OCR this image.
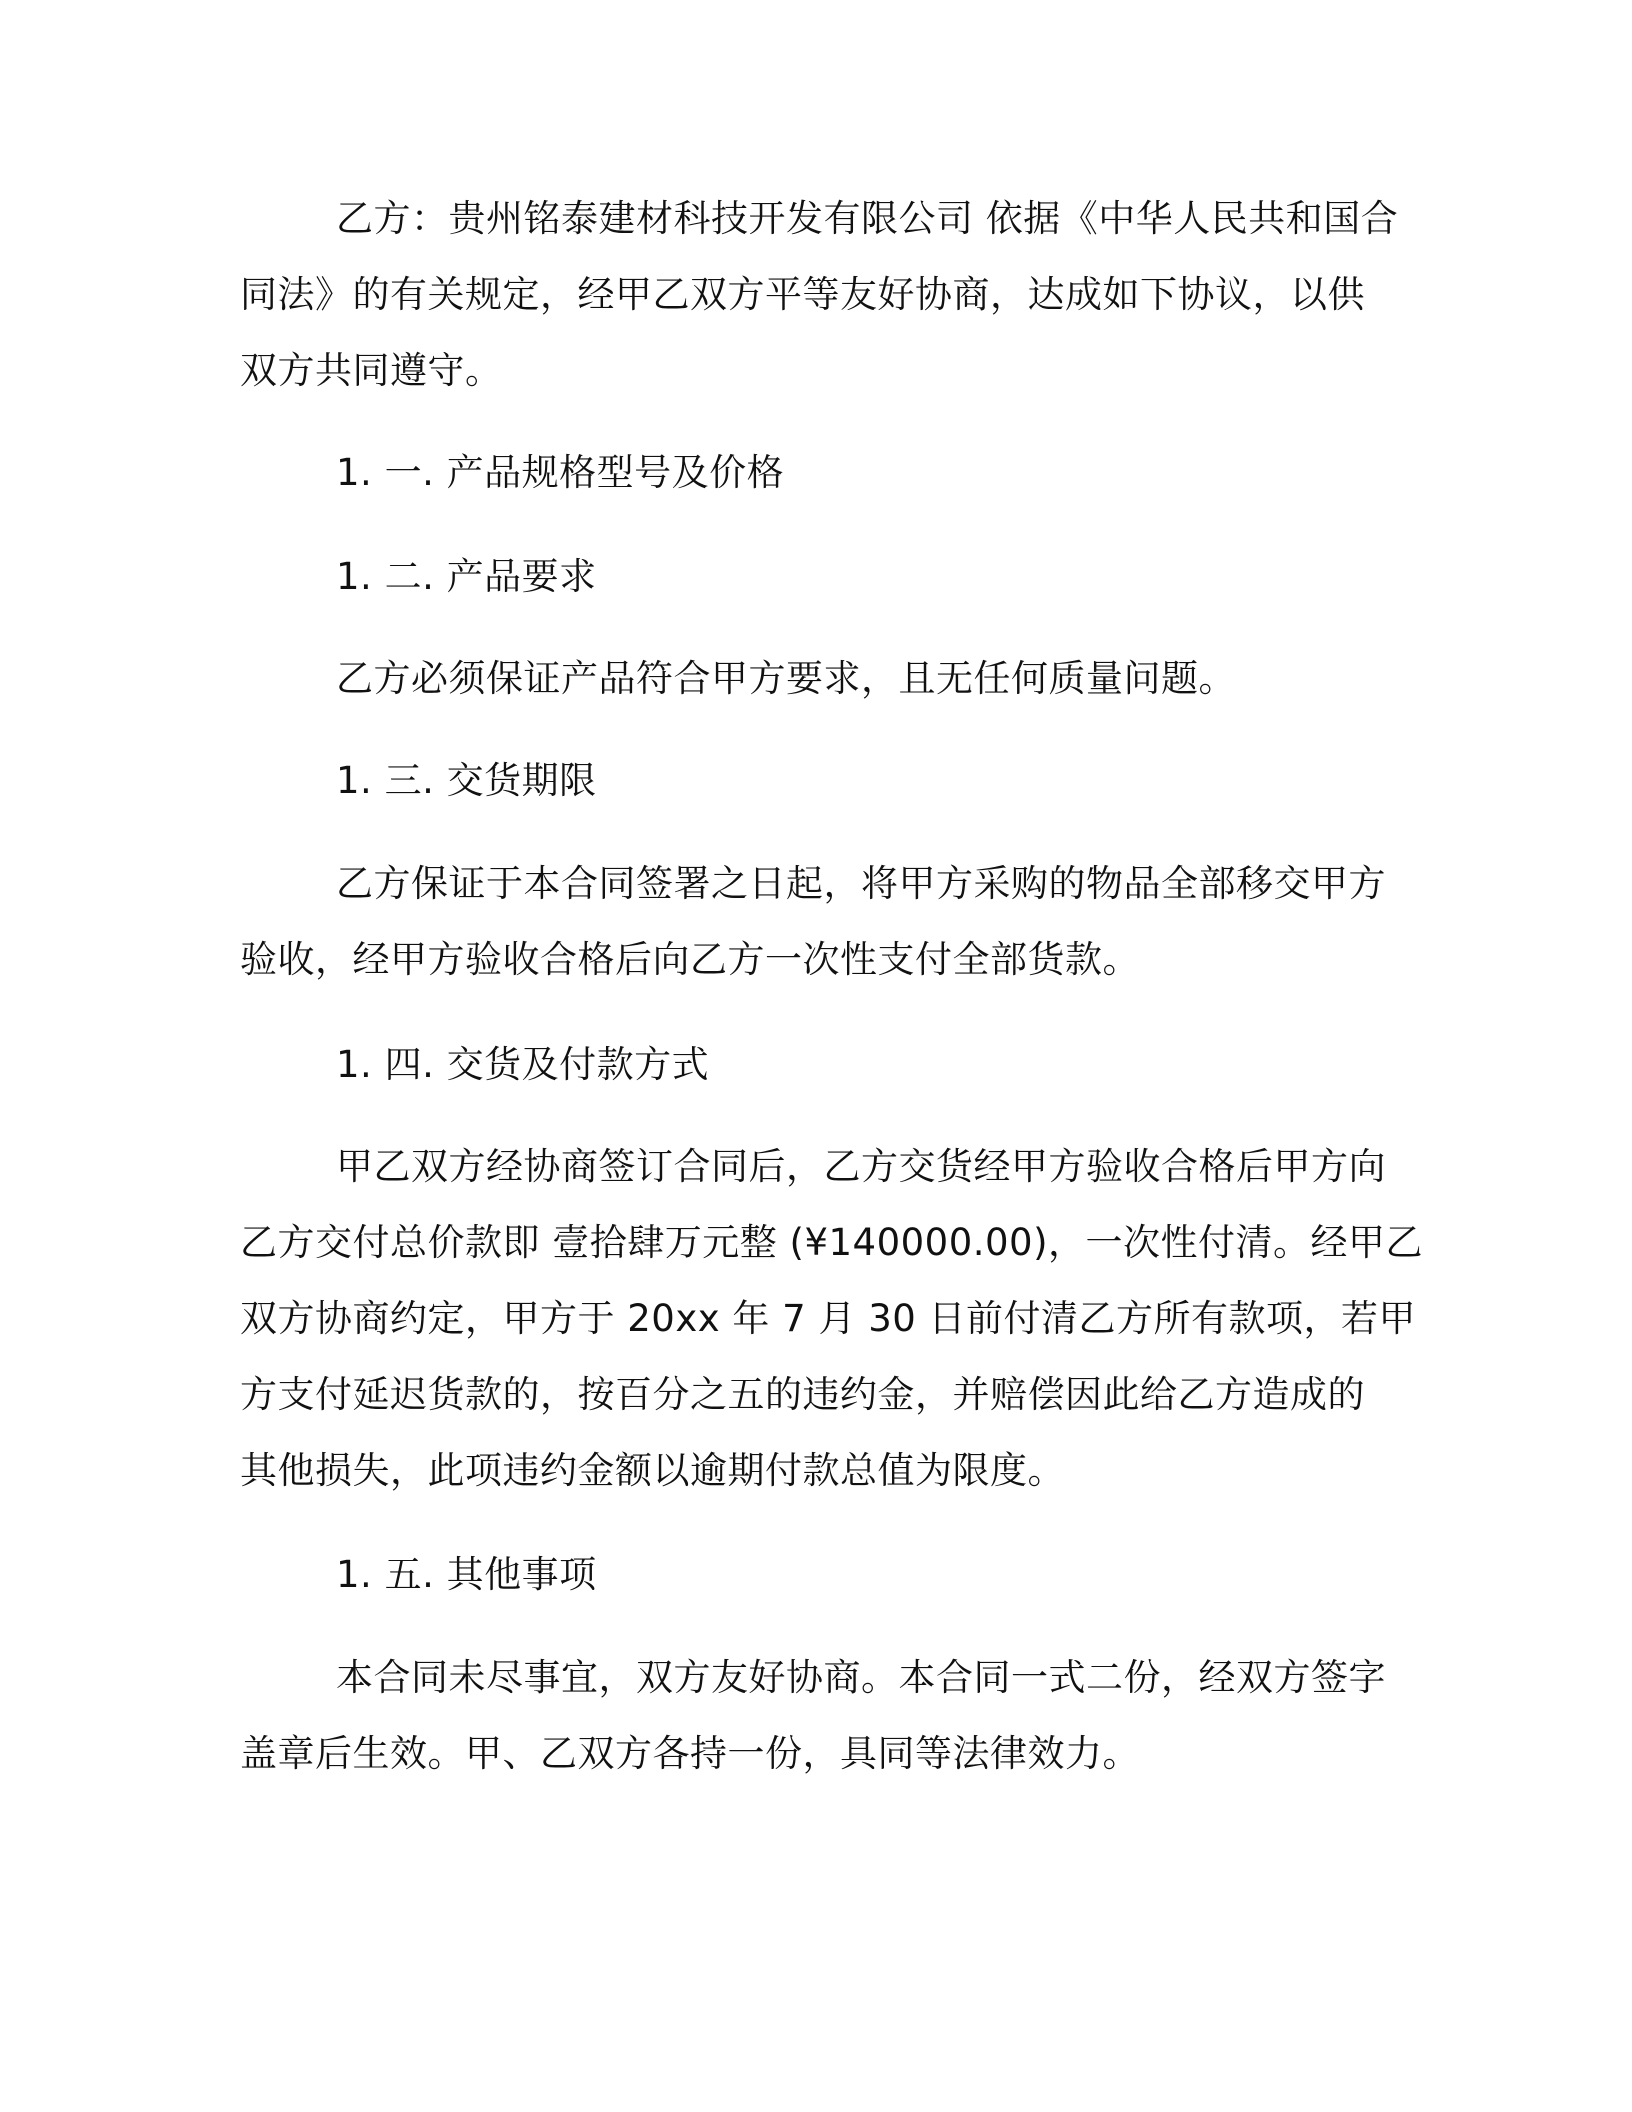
乙方：贵州铭泰建材科技开发有限公司 依据《中华人民共和国合

同法》的有关规定，经甲乙双方平等友好协商，达成如下协议，以供

双方共同遵守。

1. 一. 产品规格型号及价格

1. 二. 产品要求

乙方必须保证产品符合甲方要求，且无任何质量问题。

1. 三. 交货期限

乙方保证于本合同签署之日起，将甲方采购的物品全部移交甲方

验收，经甲方验收合格后向乙方一次性支付全部货款。

1. 四. 交货及付款方式

甲乙双方经协商签订合同后，乙方交货经甲方验收合格后甲方向

乙方交付总价款即 壹拾肆万元整 (¥140000.00)，一次性付清。经甲乙

双方协商约定，甲方于 20xx 年 7 月 30 日前付清乙方所有款项，若甲

方支付延迟货款的，按百分之五的违约金，并赔偿因此给乙方造成的

其他损失，此项违约金额以逾期付款总值为限度。

1. 五. 其他事项

本合同未尽事宜，双方友好协商。本合同一式二份，经双方签字

盖章后生效。甲、乙双方各持一份，具同等法律效力。
